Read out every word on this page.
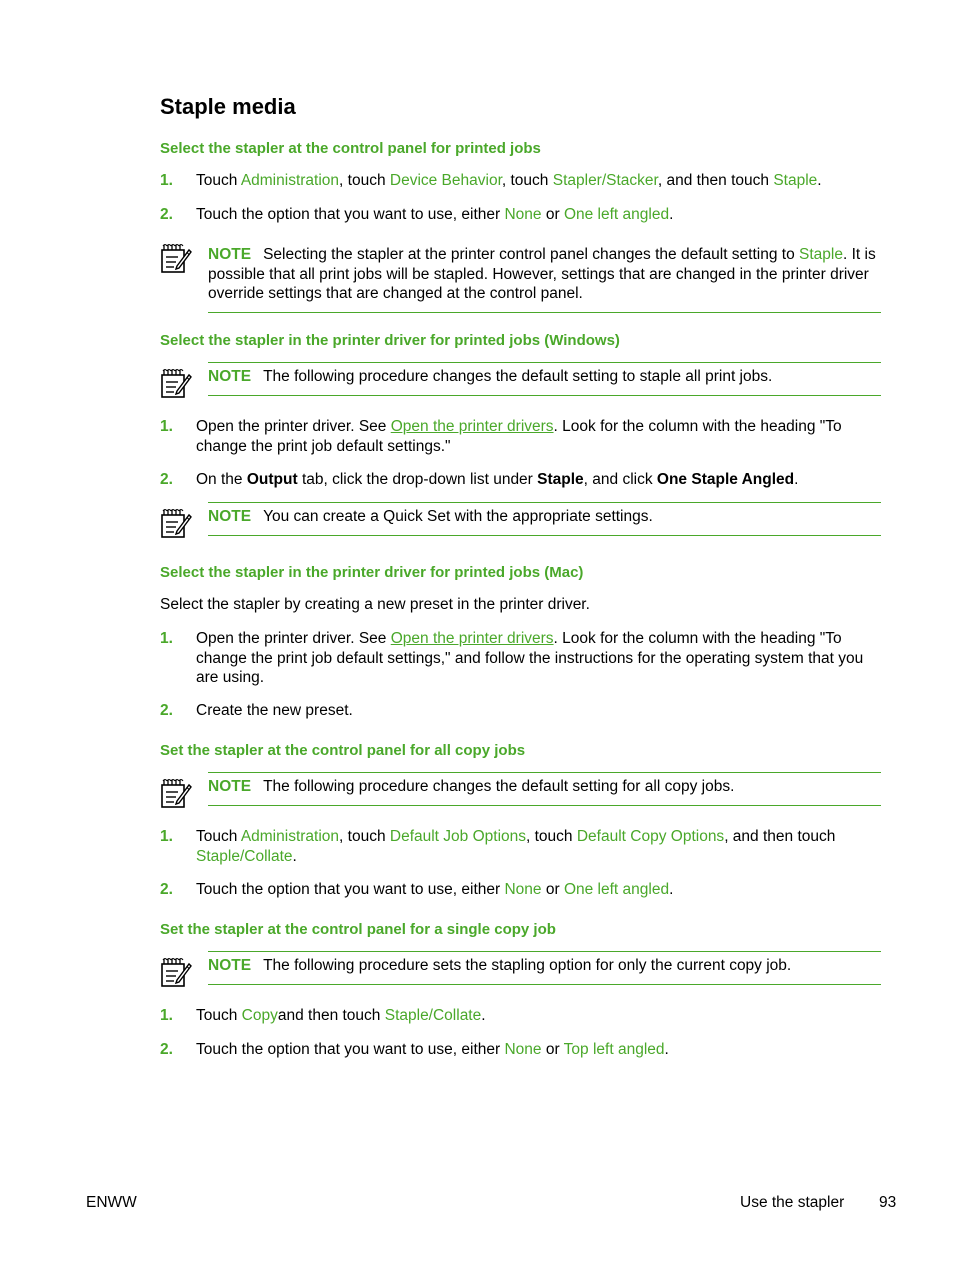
Staple media
Select the stapler at the control panel for printed jobs
1. Touch Administration, touch Device Behavior, touch Stapler/Stacker, and then touch Staple.
2. Touch the option that you want to use, either None or One left angled.
NOTE Selecting the stapler at the printer control panel changes the default setting to Staple. It is possible that all print jobs will be stapled. However, settings that are changed in the printer driver override settings that are changed at the control panel.
Select the stapler in the printer driver for printed jobs (Windows)
NOTE The following procedure changes the default setting to staple all print jobs.
1. Open the printer driver. See Open the printer drivers. Look for the column with the heading "To change the print job default settings."
2. On the Output tab, click the drop-down list under Staple, and click One Staple Angled.
NOTE You can create a Quick Set with the appropriate settings.
Select the stapler in the printer driver for printed jobs (Mac)

Select the stapler by creating a new preset in the printer driver.

1. Open the printer driver. See Open the printer drivers. Look for the column with the heading "To change the print job default settings," and follow the instructions for the operating system that you are using.
2. Create the new preset.
Set the stapler at the control panel for all copy jobs
NOTE The following procedure changes the default setting for all copy jobs.
1. Touch Administration, touch Default Job Options, touch Default Copy Options, and then touch Staple/Collate.
2. Touch the option that you want to use, either None or One left angled.
Set the stapler at the control panel for a single copy job
NOTE The following procedure sets the stapling option for only the current copy job.
1. Touch Copyand then touch Staple/Collate.
2. Touch the option that you want to use, either None or Top left angled.
ENWW	Use the stapler 93
